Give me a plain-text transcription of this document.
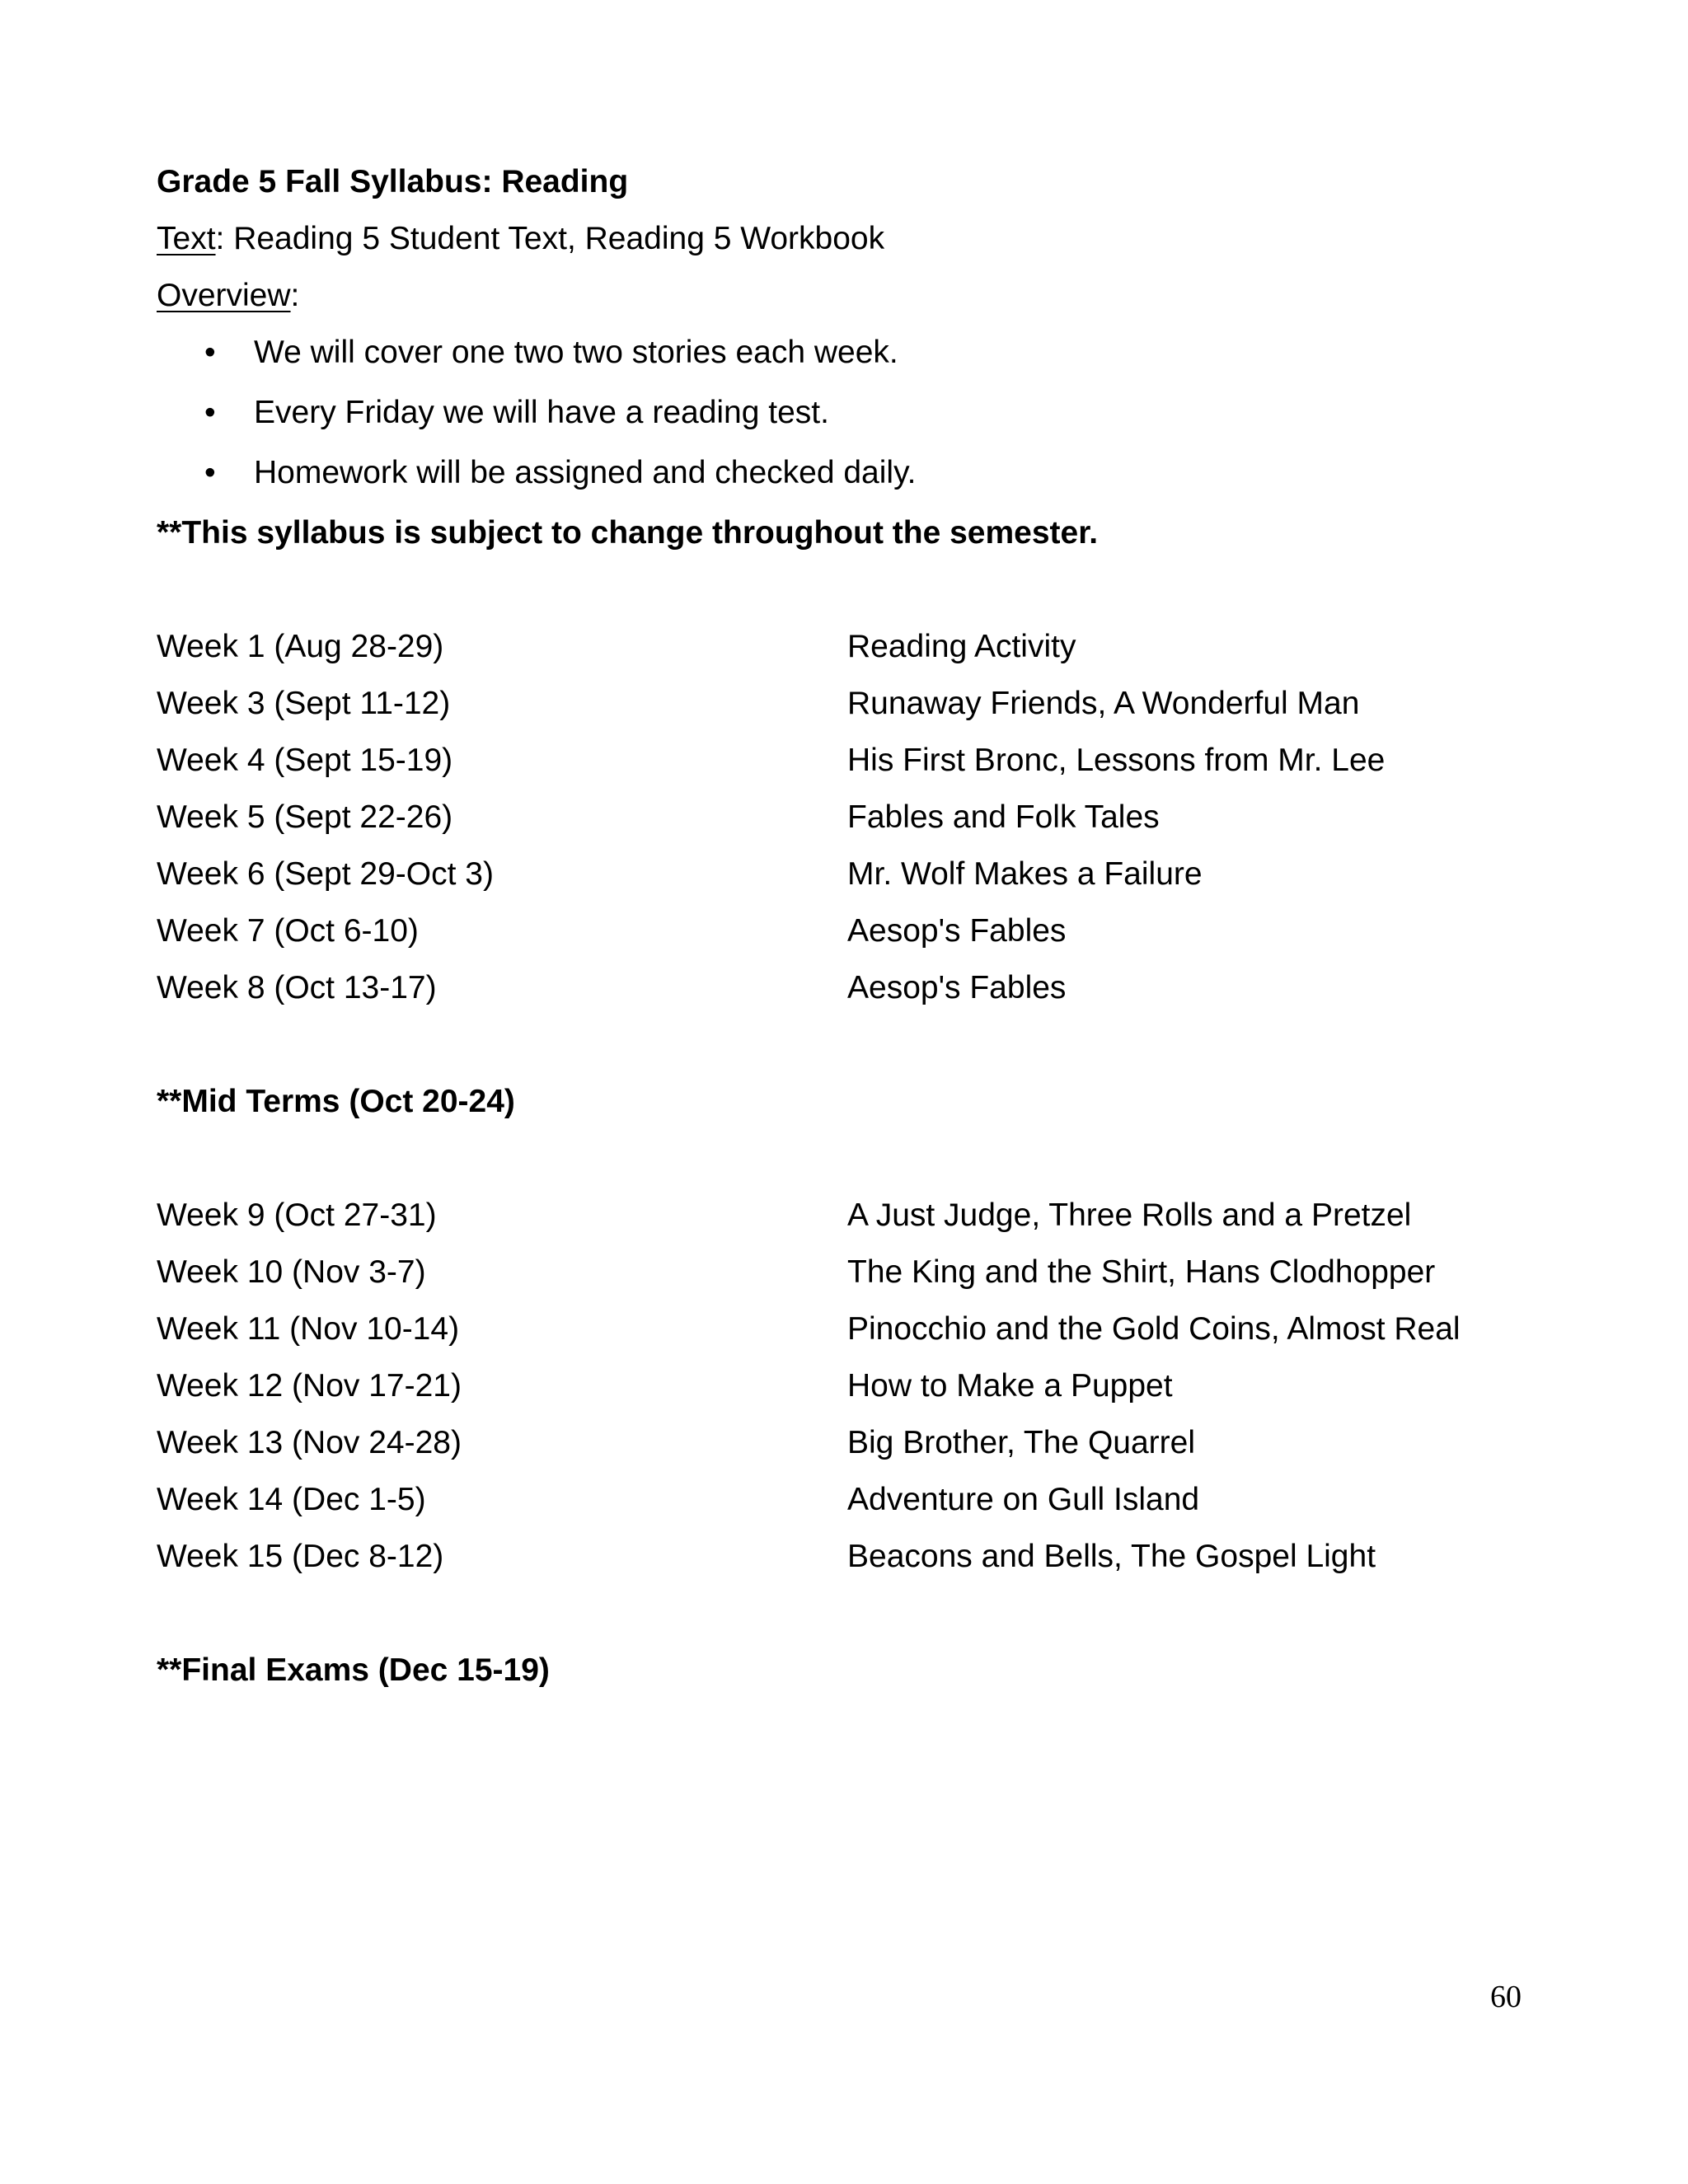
Grade 5 Fall Syllabus: Reading

Text: Reading 5 Student Text, Reading 5 Workbook

Overview:

• We will cover one two two stories each week.
• Every Friday we will have a reading test.
• Homework will be assigned and checked daily.

**This syllabus is subject to change throughout the semester.

Week 1 (Aug 28-29)	Reading Activity
Week 3 (Sept 11-12)	Runaway Friends, A Wonderful Man
Week 4 (Sept 15-19)	His First Bronc, Lessons from Mr. Lee
Week 5 (Sept 22-26)	Fables and Folk Tales
Week 6 (Sept 29-Oct 3)	Mr. Wolf Makes a Failure
Week 7 (Oct 6-10)	Aesop's Fables
Week 8 (Oct 13-17)	Aesop's Fables

**Mid Terms (Oct 20-24)

Week 9 (Oct 27-31)	A Just Judge, Three Rolls and a Pretzel
Week 10 (Nov 3-7)	The King and the Shirt, Hans Clodhopper
Week 11 (Nov 10-14)	Pinocchio and the Gold Coins, Almost Real
Week 12 (Nov 17-21)	How to Make a Puppet
Week 13 (Nov 24-28)	Big Brother, The Quarrel
Week 14 (Dec 1-5)	Adventure on Gull Island
Week 15 (Dec 8-12)	Beacons and Bells, The Gospel Light

**Final Exams (Dec 15-19)

60
